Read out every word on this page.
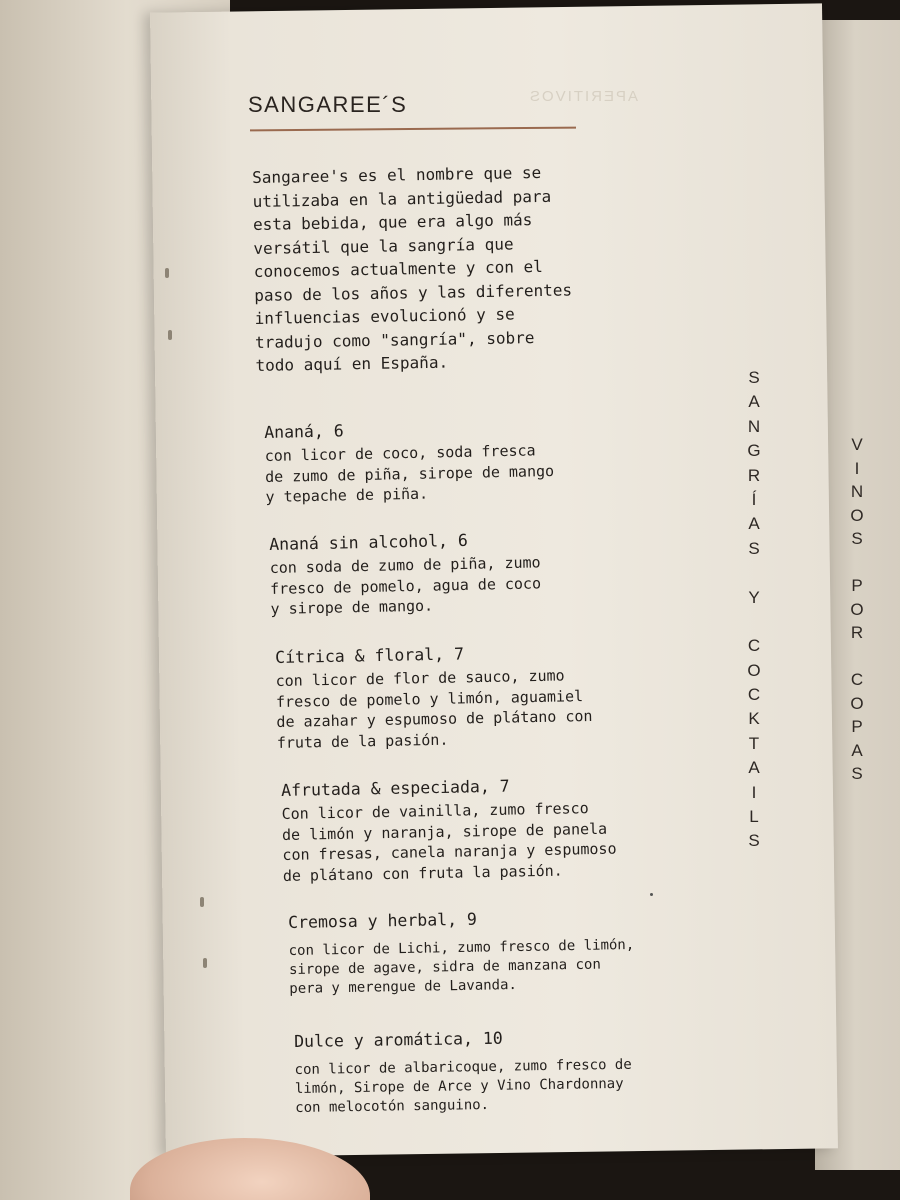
APERITIVOS
SANGAREE´S

Sangaree's es el nombre que se
utilizaba en la antigüedad para
esta bebida, que era algo más
versátil que la sangría que
conocemos actualmente y con el
paso de los años y las diferentes
influencias evolucionó y se
tradujo como "sangría", sobre
todo aquí en España.

Ananá, 6

con licor de coco, soda fresca
de zumo de piña, sirope de mango
y tepache de piña.

Ananá sin alcohol, 6

con soda de zumo de piña, zumo
fresco de pomelo, agua de coco
y sirope de mango.

Cítrica & floral, 7

con licor de flor de sauco, zumo
fresco de pomelo y limón, aguamiel
de azahar y espumoso de plátano con
fruta de la pasión.

Afrutada & especiada, 7

Con licor de vainilla, zumo fresco
de limón y naranja, sirope de panela
con fresas, canela naranja y espumoso
de plátano con fruta la pasión.

Cremosa y herbal, 9

con licor de Lichi, zumo fresco de limón,
sirope de agave, sidra de manzana con
pera y merengue de Lavanda.

Dulce y aromática, 10

con licor de albaricoque, zumo fresco de
limón, Sirope de Arce y Vino Chardonnay
con melocotón sanguino.

S
A
N
G
R
Í
A
S

Y

C
O
C
K
T
A
I
L
S
V
I
N
O
S

P
O
R

C
O
P
A
S
